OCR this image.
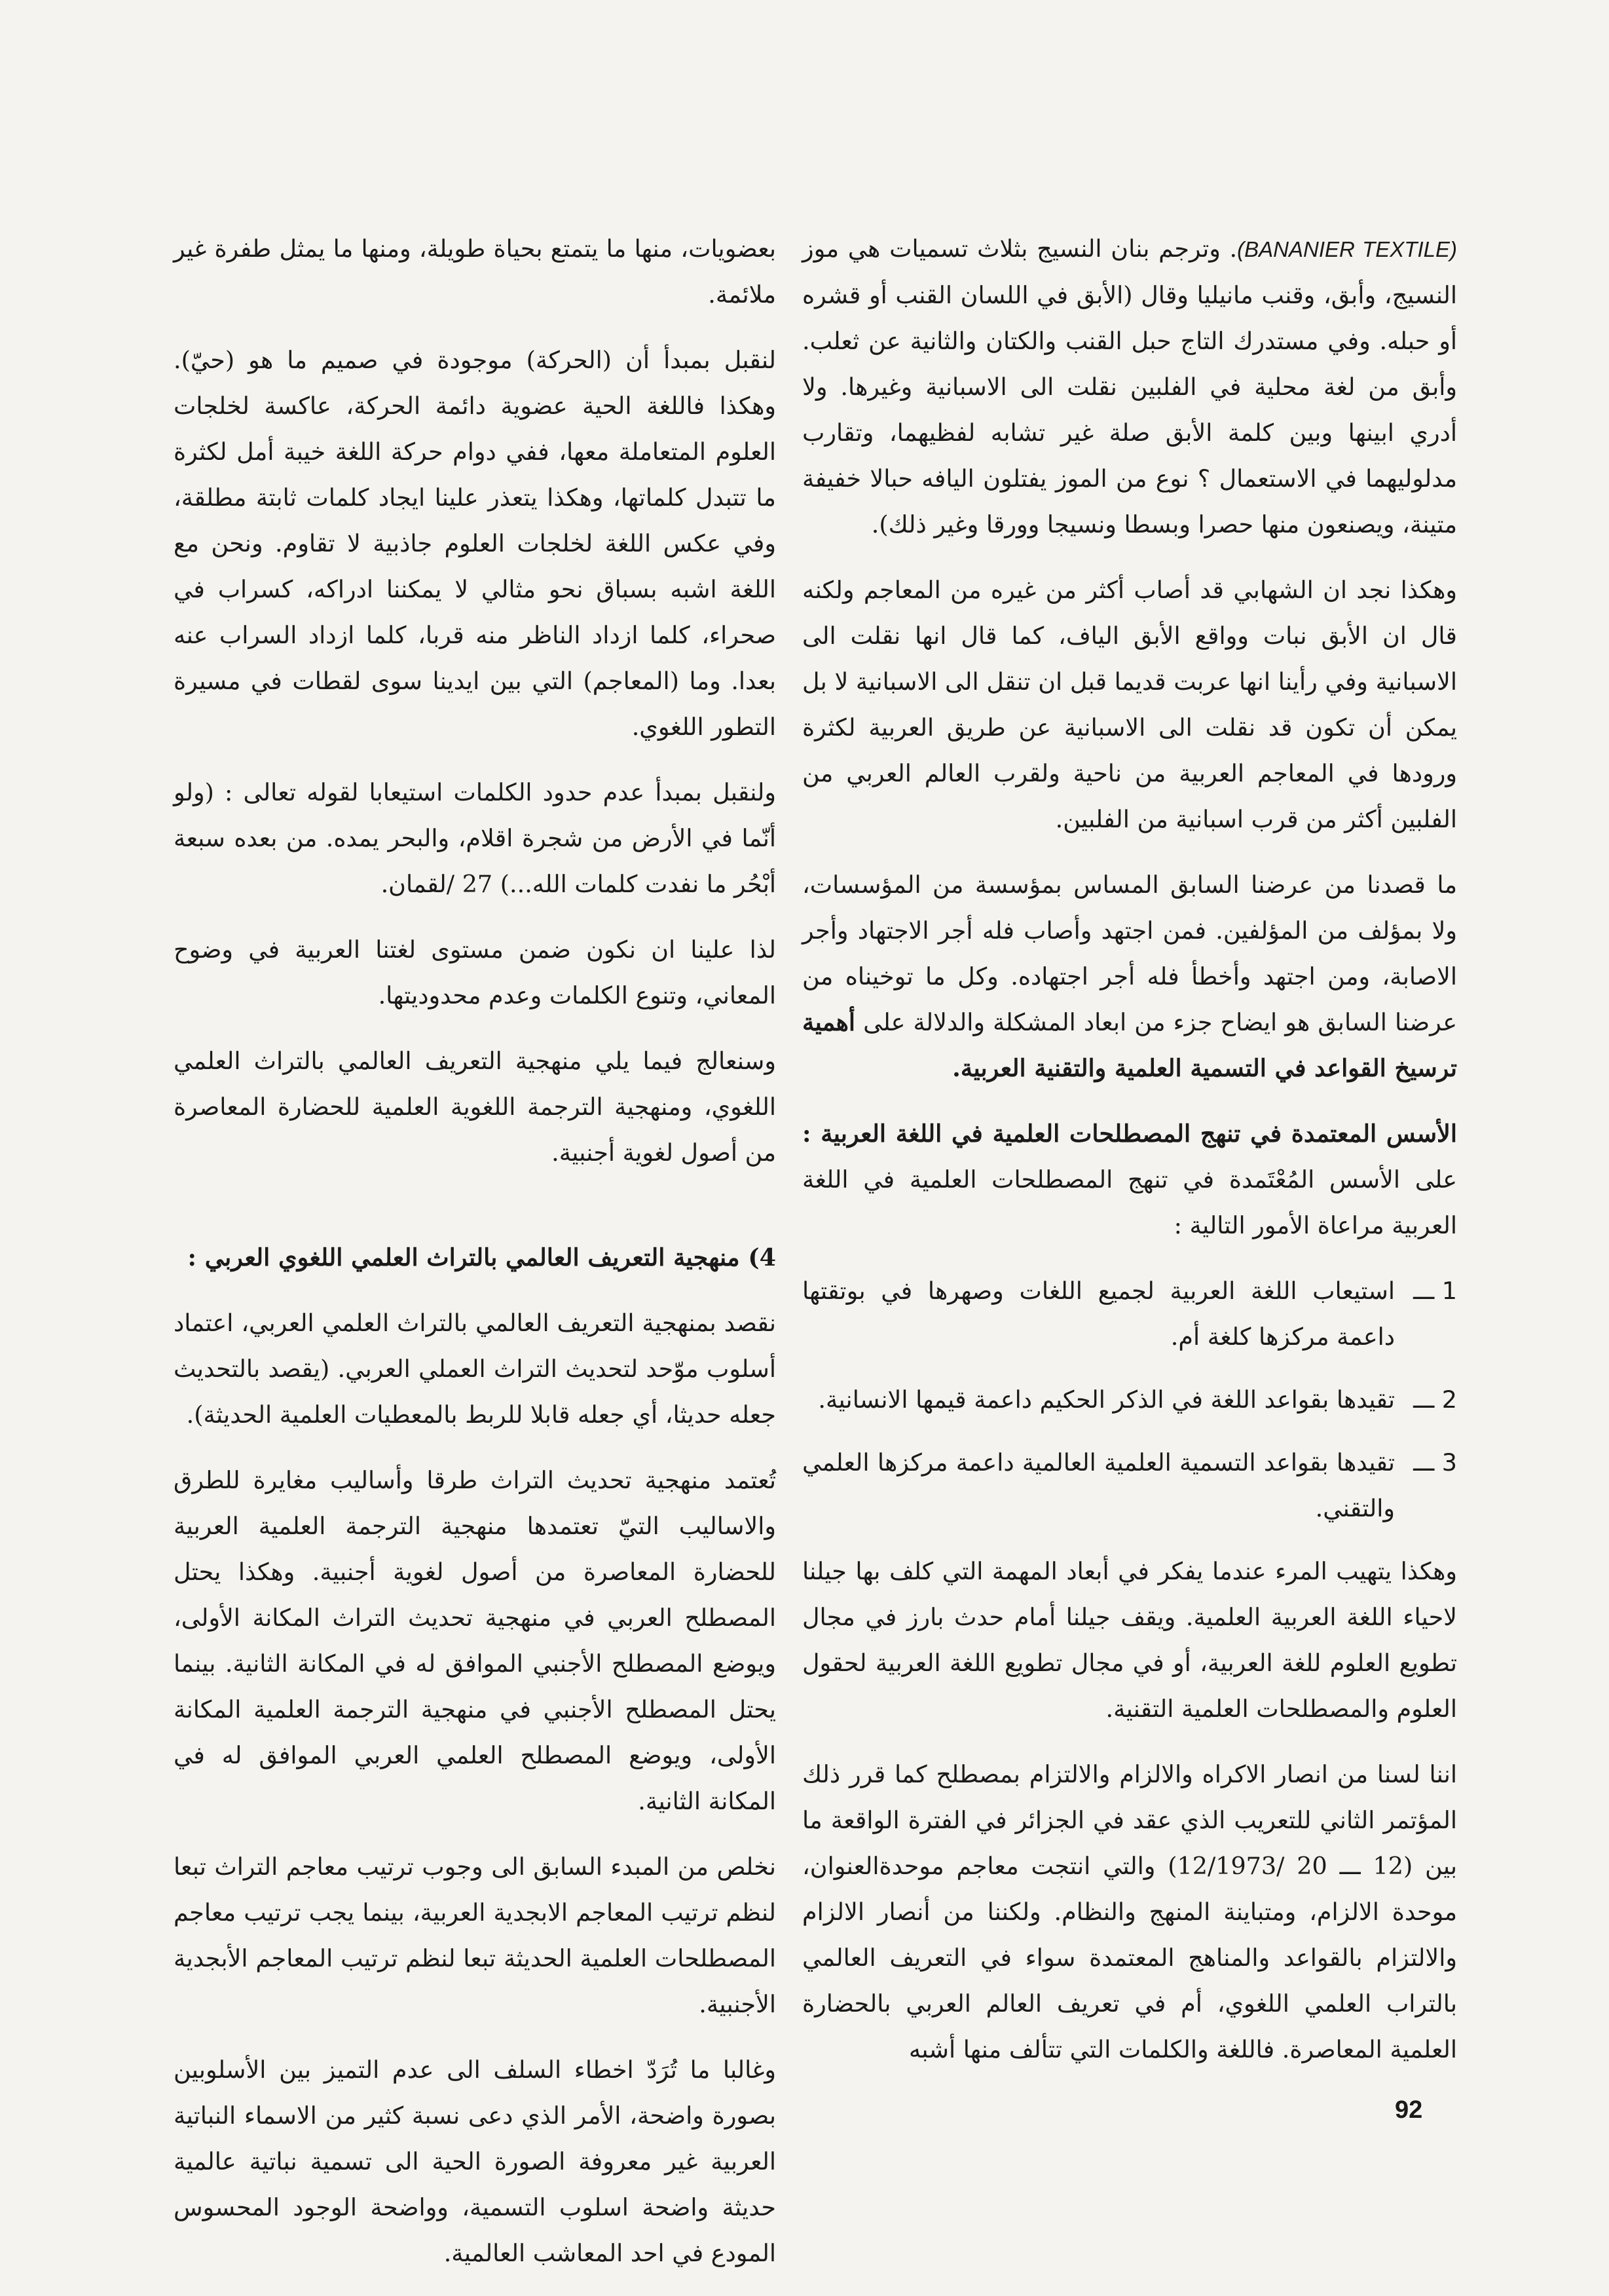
(BANANIER TEXTILE). وترجم بنان النسيج بثلاث تسميات هي موز النسيج، وأبق، وقنب مانيليا وقال (الأبق في اللسان القنب أو قشره أو حبله. وفي مستدرك التاج حبل القنب والكتان والثانية عن ثعلب. وأبق من لغة محلية في الفلبين نقلت الى الاسبانية وغيرها. ولا أدري ابينها وبين كلمة الأبق صلة غير تشابه لفظيهما، وتقارب مدلوليهما في الاستعمال ؟ نوع من الموز يفتلون اليافه حبالا خفيفة متينة، ويصنعون منها حصرا وبسطا ونسيجا وورقا وغير ذلك).
وهكذا نجد ان الشهابي قد أصاب أكثر من غيره من المعاجم ولكنه قال ان الأبق نبات وواقع الأبق الياف، كما قال انها نقلت الى الاسبانية وفي رأينا انها عربت قديما قبل ان تنقل الى الاسبانية لا بل يمكن أن تكون قد نقلت الى الاسبانية عن طريق العربية لكثرة ورودها في المعاجم العربية من ناحية ولقرب العالم العربي من الفلبين أكثر من قرب اسبانية من الفلبين.
ما قصدنا من عرضنا السابق المساس بمؤسسة من المؤسسات، ولا بمؤلف من المؤلفين. فمن اجتهد وأصاب فله أجر الاجتهاد وأجر الاصابة، ومن اجتهد وأخطأ فله أجر اجتهاده. وكل ما توخيناه من عرضنا السابق هو ايضاح جزء من ابعاد المشكلة والدلالة على أهمية ترسيخ القواعد في التسمية العلمية والتقنية العربية.
الأسس المعتمدة في تنهج المصطلحات العلمية في اللغة العربية : على الأسس المُعْتَمدة في تنهج المصطلحات العلمية في اللغة العربية مراعاة الأمور التالية :
1 ـــ
استيعاب اللغة العربية لجميع اللغات وصهرها في بوتقتها داعمة مركزها كلغة أم.
2 ـــ
تقيدها بقواعد اللغة في الذكر الحكيم داعمة قيمها الانسانية.
3 ـــ
تقيدها بقواعد التسمية العلمية العالمية داعمة مركزها العلمي والتقني.
وهكذا يتهيب المرء عندما يفكر في أبعاد المهمة التي كلف بها جيلنا لاحياء اللغة العربية العلمية. ويقف جيلنا أمام حدث بارز في مجال تطويع العلوم للغة العربية، أو في مجال تطويع اللغة العربية لحقول العلوم والمصطلحات العلمية التقنية.
اننا لسنا من انصار الاكراه والالزام والالتزام بمصطلح كما قرر ذلك المؤتمر الثاني للتعريب الذي عقد في الجزائر في الفترة الواقعة ما بين (12 ـــ 20 /12/1973) والتي انتجت معاجم موحدةالعنوان، موحدة الالزام، ومتباينة المنهج والنظام. ولكننا من أنصار الالزام والالتزام بالقواعد والمناهج المعتمدة سواء في التعريف العالمي بالتراب العلمي اللغوي، أم في تعريف العالم العربي بالحضارة العلمية المعاصرة. فاللغة والكلمات التي تتألف منها أشبه
بعضويات، منها ما يتمتع بحياة طويلة، ومنها ما يمثل طفرة غير ملائمة.
لنقبل بمبدأ أن (الحركة) موجودة في صميم ما هو (حيّ). وهكذا فاللغة الحية عضوية دائمة الحركة، عاكسة لخلجات العلوم المتعاملة معها، ففي دوام حركة اللغة خيبة أمل لكثرة ما تتبدل كلماتها، وهكذا يتعذر علينا ايجاد كلمات ثابتة مطلقة، وفي عكس اللغة لخلجات العلوم جاذبية لا تقاوم. ونحن مع اللغة اشبه بسباق نحو مثالي لا يمكننا ادراكه، كسراب في صحراء، كلما ازداد الناظر منه قربا، كلما ازداد السراب عنه بعدا. وما (المعاجم) التي بين ايدينا سوى لقطات في مسيرة التطور اللغوي.
ولنقبل بمبدأ عدم حدود الكلمات استيعابا لقوله تعالى : (ولو أنّما في الأرض من شجرة اقلام، والبحر يمده. من بعده سبعة أبْحُر ما نفدت كلمات الله...) 27 /لقمان.
لذا علينا ان نكون ضمن مستوى لغتنا العربية في وضوح المعاني، وتنوع الكلمات وعدم محدوديتها.
وسنعالج فيما يلي منهجية التعريف العالمي بالتراث العلمي اللغوي، ومنهجية الترجمة اللغوية العلمية للحضارة المعاصرة من أصول لغوية أجنبية.
4) منهجية التعريف العالمي بالتراث العلمي اللغوي العربي :
نقصد بمنهجية التعريف العالمي بالتراث العلمي العربي، اعتماد أسلوب موّحد لتحديث التراث العملي العربي. (يقصد بالتحديث جعله حديثا، أي جعله قابلا للربط بالمعطيات العلمية الحديثة).
تُعتمد منهجية تحديث التراث طرقا وأساليب مغايرة للطرق والاساليب التيّ تعتمدها منهجية الترجمة العلمية العربية للحضارة المعاصرة من أصول لغوية أجنبية. وهكذا يحتل المصطلح العربي في منهجية تحديث التراث المكانة الأولى، ويوضع المصطلح الأجنبي الموافق له في المكانة الثانية. بينما يحتل المصطلح الأجنبي في منهجية الترجمة العلمية المكانة الأولى، ويوضع المصطلح العلمي العربي الموافق له في المكانة الثانية.
نخلص من المبدء السابق الى وجوب ترتيب معاجم التراث تبعا لنظم ترتيب المعاجم الابجدية العربية، بينما يجب ترتيب معاجم المصطلحات العلمية الحديثة تبعا لنظم ترتيب المعاجم الأبجدية الأجنبية.
وغالبا ما تُرَدّ اخطاء السلف الى عدم التميز بين الأسلوبين بصورة واضحة، الأمر الذي دعى نسبة كثير من الاسماء النباتية العربية غير معروفة الصورة الحية الى تسمية نباتية عالمية حديثة واضحة اسلوب التسمية، وواضحة الوجود المحسوس المودع في احد المعاشب العالمية.
92
